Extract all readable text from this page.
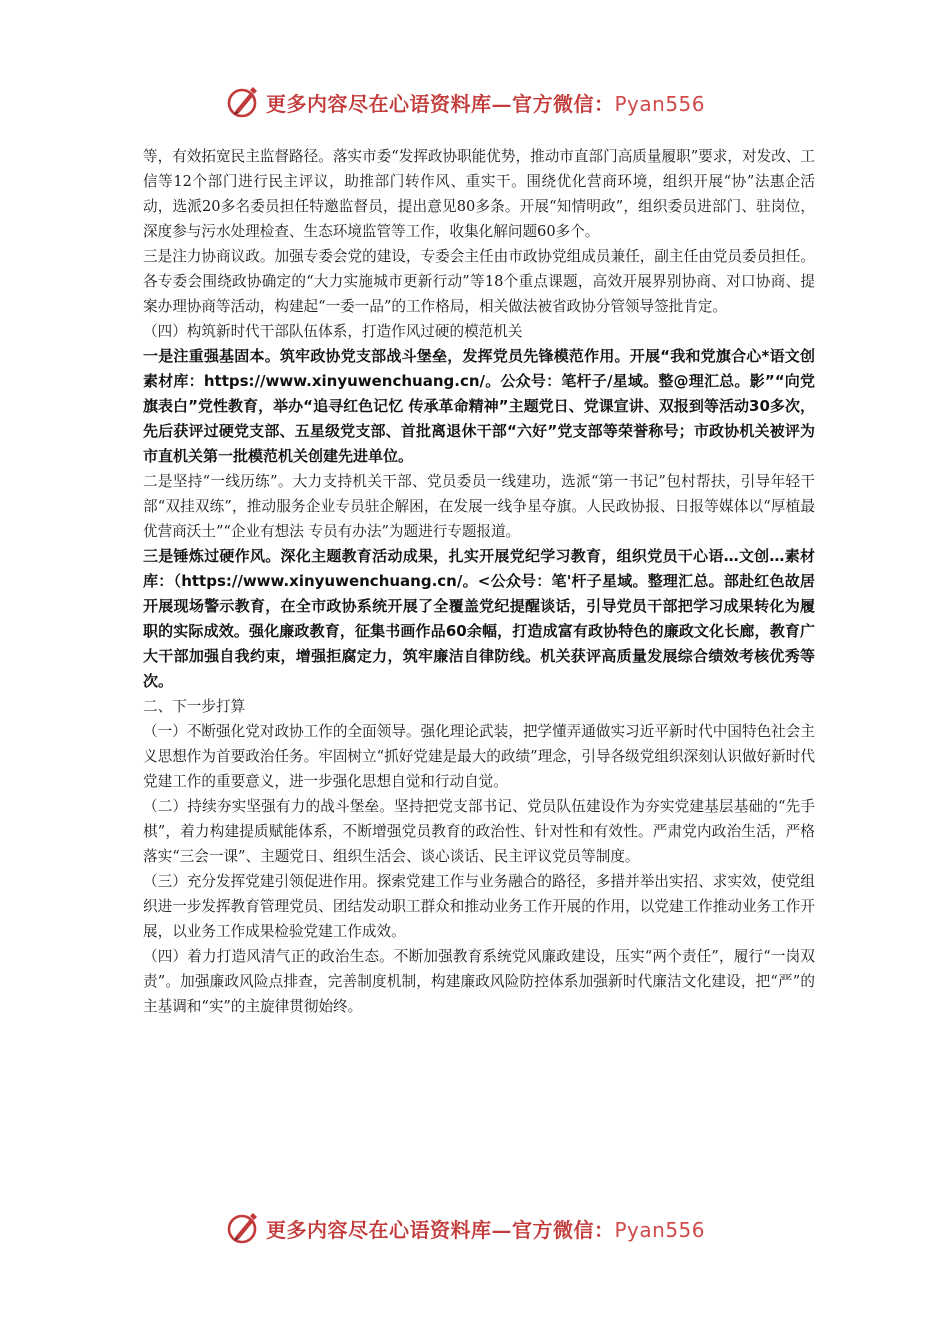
更多内容尽在心语资料库—官方微信：Pyan556

等，有效拓宽民主监督路径。落实市委“发挥政协职能优势，推动市直部门高质量履职”要求，对发改、工信等12个部门进行民主评议，助推部门转作风、重实干。围绕优化营商环境，组织开展“协”法惠企活动，选派20多名委员担任特邀监督员，提出意见80多条。开展“知情明政”，组织委员进部门、驻岗位，深度参与污水处理检查、生态环境监管等工作，收集化解问题60多个。

三是注力协商议政。加强专委会党的建设，专委会主任由市政协党组成员兼任，副主任由党员委员担任。各专委会围绕政协确定的“大力实施城市更新行动”等18个重点课题，高效开展界别协商、对口协商、提案办理协商等活动，构建起“一委一品”的工作格局，相关做法被省政协分管领导签批肯定。

（四）构筑新时代干部队伍体系，打造作风过硬的模范机关

一是注重强基固本。筑牢政协党支部战斗堡垒，发挥党员先锋模范作用。开展“我和党旗合心*语文创素材库：https://www.xinyuwenchuang.cn/。公众号：笔杆子/星域。整@理汇总。影”“向党旗表白”党性教育，举办“追寻红色记忆 传承革命精神”主题党日、党课宣讲、双报到等活动30多次，先后获评过硬党支部、五星级党支部、首批离退休干部“六好”党支部等荣誉称号；市政协机关被评为市直机关第一批模范机关创建先进单位。

二是坚持“一线历练”。大力支持机关干部、党员委员一线建功，选派“第一书记”包村帮扶，引导年轻干部“双挂双练”，推动服务企业专员驻企解困，在发展一线争星夺旗。人民政协报、日报等媒体以“厚植最优营商沃土”“企业有想法 专员有办法”为题进行专题报道。

三是锤炼过硬作风。深化主题教育活动成果，扎实开展党纪学习教育，组织党员干心语…文创…素材库：（https://www.xinyuwenchuang.cn/。<公众号：笔'杆子星域。整理汇总。部赴红色故居开展现场警示教育，在全市政协系统开展了全覆盖党纪提醒谈话，引导党员干部把学习成果转化为履职的实际成效。强化廉政教育，征集书画作品60余幅，打造成富有政协特色的廉政文化长廊，教育广大干部加强自我约束，增强拒腐定力，筑牢廉洁自律防线。机关获评高质量发展综合绩效考核优秀等次。

二、下一步打算

（一）不断强化党对政协工作的全面领导。强化理论武装，把学懂弄通做实习近平新时代中国特色社会主义思想作为首要政治任务。牢固树立“抓好党建是最大的政绩”理念，引导各级党组织深刻认识做好新时代党建工作的重要意义，进一步强化思想自觉和行动自觉。

（二）持续夯实坚强有力的战斗堡垒。坚持把党支部书记、党员队伍建设作为夯实党建基层基础的“先手棋”，着力构建提质赋能体系，不断增强党员教育的政治性、针对性和有效性。严肃党内政治生活，严格落实“三会一课”、主题党日、组织生活会、谈心谈话、民主评议党员等制度。

（三）充分发挥党建引领促进作用。探索党建工作与业务融合的路径，多措并举出实招、求实效，使党组织进一步发挥教育管理党员、团结发动职工群众和推动业务工作开展的作用，以党建工作推动业务工作开展，以业务工作成果检验党建工作成效。

（四）着力打造风清气正的政治生态。不断加强教育系统党风廉政建设，压实“两个责任”，履行“一岗双责”。加强廉政风险点排查，完善制度机制，构建廉政风险防控体系加强新时代廉洁文化建设，把“严”的主基调和“实”的主旋律贯彻始终。

更多内容尽在心语资料库—官方微信：Pyan556
